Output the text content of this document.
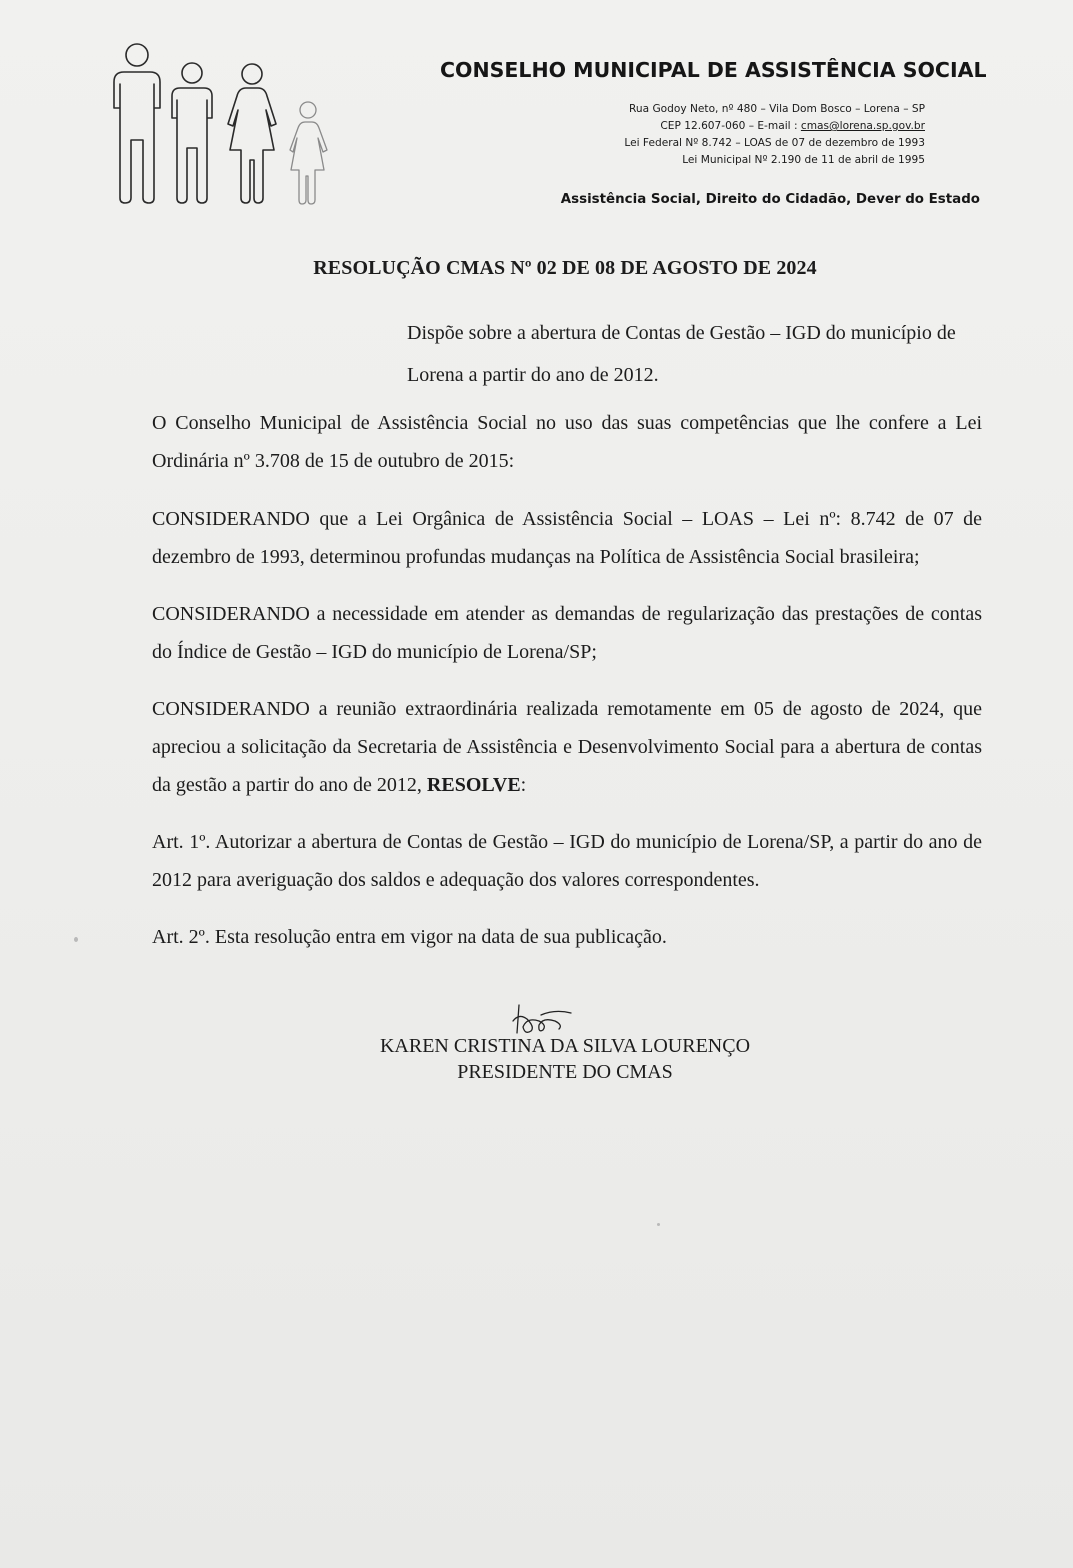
CONSELHO MUNICIPAL DE ASSISTÊNCIA SOCIAL
Rua Godoy Neto, nº 480 – Vila Dom Bosco – Lorena – SP
CEP 12.607-060 – E-mail : cmas@lorena.sp.gov.br
Lei Federal Nº 8.742 – LOAS de 07 de dezembro de 1993
Lei Municipal Nº 2.190 de 11 de abril de 1995
Assistência Social, Direito do Cidadão, Dever do Estado
RESOLUÇÃO CMAS Nº 02 DE 08 DE AGOSTO DE 2024
Dispõe sobre a abertura de Contas de Gestão – IGD do município de Lorena a partir do ano de 2012.
O Conselho Municipal de Assistência Social no uso das suas competências que lhe confere a Lei Ordinária nº 3.708 de 15 de outubro de 2015:
CONSIDERANDO que a Lei Orgânica de Assistência Social – LOAS – Lei nº: 8.742 de 07 de dezembro de 1993, determinou profundas mudanças na Política de Assistência Social brasileira;
CONSIDERANDO a necessidade em atender as demandas de regularização das prestações de contas do Índice de Gestão – IGD do município de Lorena/SP;
CONSIDERANDO a reunião extraordinária realizada remotamente em 05 de agosto de 2024, que apreciou a solicitação da Secretaria de Assistência e Desenvolvimento Social para a abertura de contas da gestão a partir do ano de 2012, RESOLVE:
Art. 1º. Autorizar a abertura de Contas de Gestão – IGD do município de Lorena/SP, a partir do ano de 2012 para averiguação dos saldos e adequação dos valores correspondentes.
Art. 2º. Esta resolução entra em vigor na data de sua publicação.
KAREN CRISTINA DA SILVA LOURENÇO
PRESIDENTE DO CMAS
